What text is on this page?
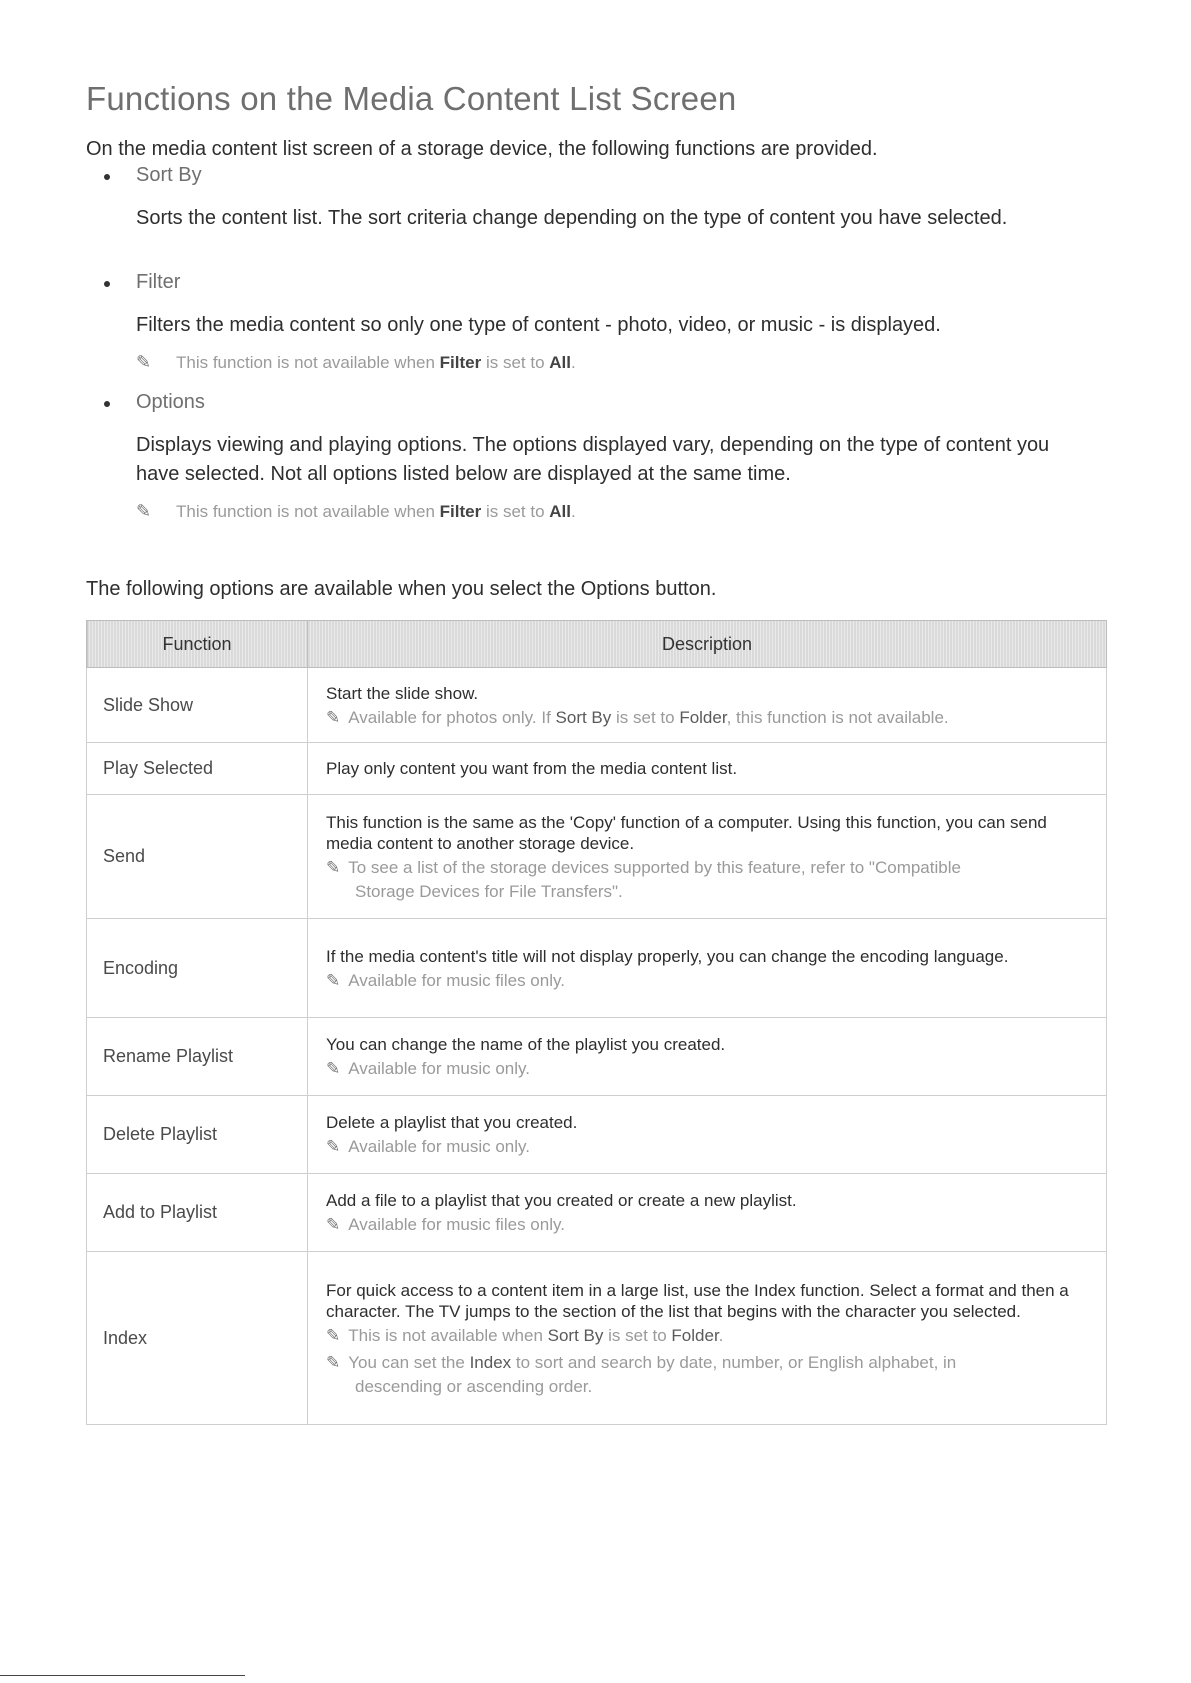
Functions on the Media Content List Screen

On the media content list screen of a storage device, the following functions are provided.

Sort By

Sorts the content list. The sort criteria change depending on the type of content you have selected.

Filter

Filters the media content so only one type of content - photo, video, or music - is displayed.

✎ This function is not available when Filter is set to All.
Options

Displays viewing and playing options. The options displayed vary, depending on the type of content you have selected. Not all options listed below are displayed at the same time.

✎ This function is not available when Filter is set to All.

The following options are available when you select the Options button.

Function	Description
Slide Show	Start the slide show.
✎ Available for photos only. If Sort By is set to Folder, this function is not available.

Play Selected	Play only content you want from the media content list.
Send	This function is the same as the 'Copy' function of a computer. Using this function, you can send media content to another storage device.
✎ To see a list of the storage devices supported by this feature, refer to "Compatible
Storage Devices for File Transfers".

Encoding	If the media content's title will not display properly, you can change the encoding language.
✎ Available for music files only.

Rename Playlist	You can change the name of the playlist you created.
✎ Available for music only.

Delete Playlist	Delete a playlist that you created.
✎ Available for music only.

Add to Playlist	Add a file to a playlist that you created or create a new playlist.
✎ Available for music files only.

Index	For quick access to a content item in a large list, use the Index function. Select a format and then a character. The TV jumps to the section of the list that begins with the character you selected.
✎ This is not available when Sort By is set to Folder.
✎ You can set the Index to sort and search by date, number, or English alphabet, in
descending or ascending order.
